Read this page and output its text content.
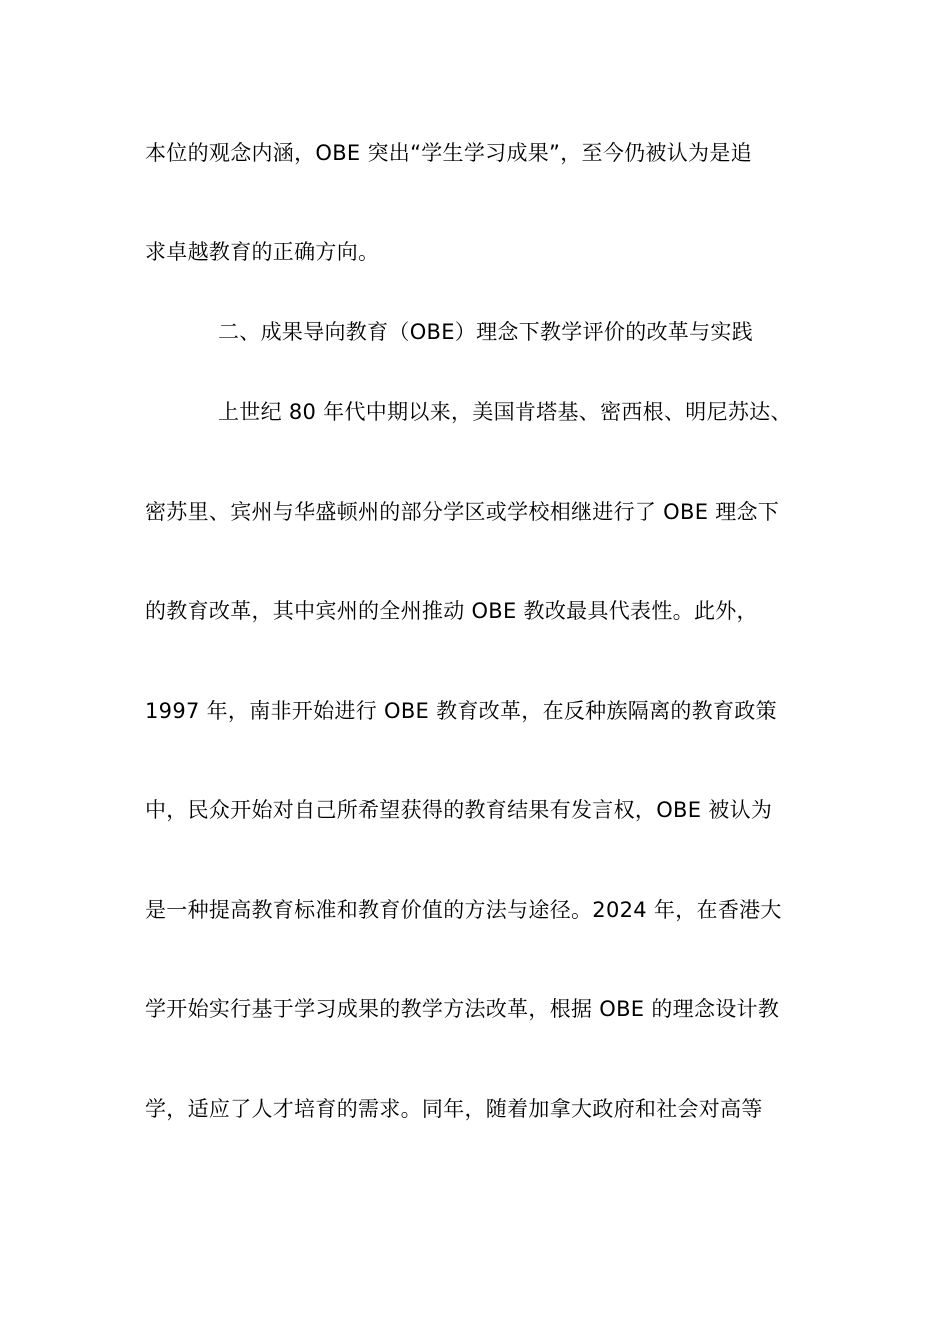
本位的观念内涵，OBE 突出“学生学习成果”，至今仍被认为是追
求卓越教育的正确方向。
二、成果导向教育（OBE）理念下教学评价的改革与实践
上世纪 80 年代中期以来，美国肯塔基、密西根、明尼苏达、
密苏里、宾州与华盛顿州的部分学区或学校相继进行了 OBE 理念下
的教育改革，其中宾州的全州推动 OBE 教改最具代表性。此外，
1997 年，南非开始进行 OBE 教育改革，在反种族隔离的教育政策
中，民众开始对自己所希望获得的教育结果有发言权，OBE 被认为
是一种提高教育标准和教育价值的方法与途径。2024 年，在香港大
学开始实行基于学习成果的教学方法改革，根据 OBE 的理念设计教
学，适应了人才培育的需求。同年，随着加拿大政府和社会对高等
